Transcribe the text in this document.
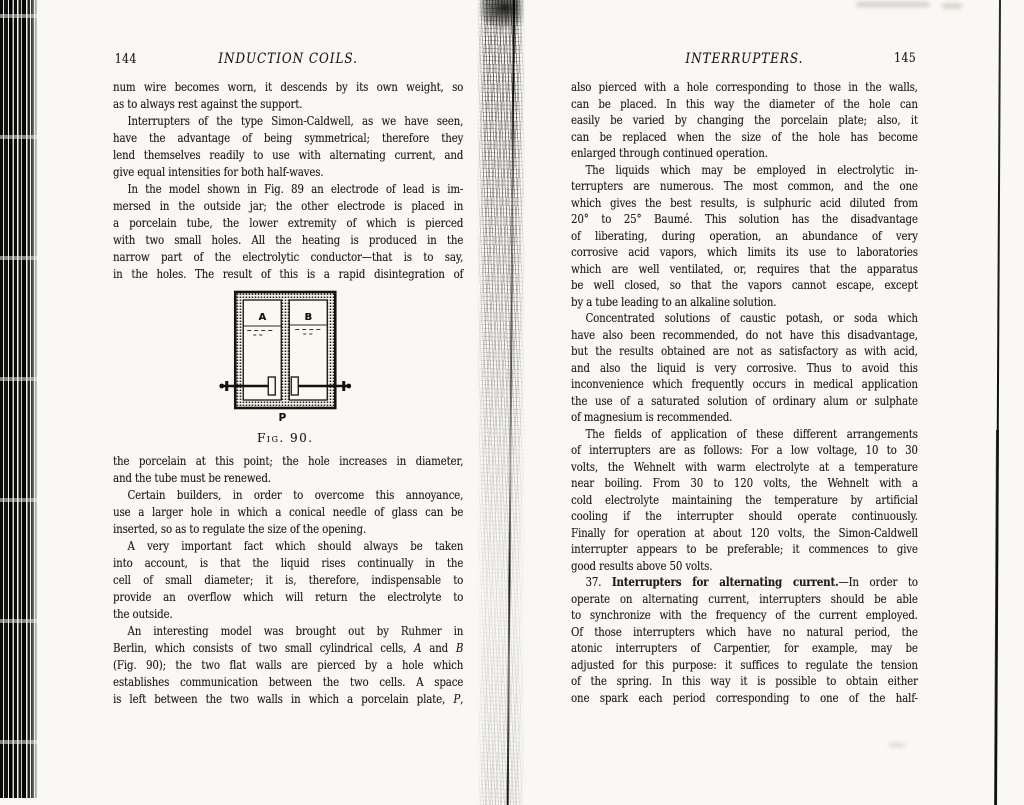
144	INDUCTION COILS.
num wire becomes worn, it descends by its own weight, so
as to always rest against the support.
Interrupters of the type Simon-Caldwell, as we have seen,
have the advantage of being symmetrical; therefore they
lend themselves readily to use with alternating current, and
give equal intensities for both half-waves.
In the model shown in Fig. 89 an electrode of lead is im-
mersed in the outside jar; the other electrode is placed in
a porcelain tube, the lower extremity of which is pierced
with two small holes. All the heating is produced in the
narrow part of the electrolytic conductor—that is to say,
in the holes. The result of this is a rapid disintegration of
A	B
P
Fig. 90.
the porcelain at this point; the hole increases in diameter,
and the tube must be renewed.
Certain builders, in order to overcome this annoyance,
use a larger hole in which a conical needle of glass can be
inserted, so as to regulate the size of the opening.
A very important fact which should always be taken
into account, is that the liquid rises continually in the
cell of small diameter; it is, therefore, indispensable to
provide an overflow which will return the electrolyte to
the outside.
An interesting model was brought out by Ruhmer in
Berlin, which consists of two small cylindrical cells, A and B
(Fig. 90); the two flat walls are pierced by a hole which
establishes communication between the two cells. A space
is left between the two walls in which a porcelain plate, P,
INTERRUPTERS.	145
also pierced with a hole corresponding to those in the walls,
can be placed. In this way the diameter of the hole can
easily be varied by changing the porcelain plate; also, it
can be replaced when the size of the hole has become
enlarged through continued operation.
The liquids which may be employed in electrolytic in-
terrupters are numerous. The most common, and the one
which gives the best results, is sulphuric acid diluted from
20° to 25° Baumé. This solution has the disadvantage
of liberating, during operation, an abundance of very
corrosive acid vapors, which limits its use to laboratories
which are well ventilated, or, requires that the apparatus
be well closed, so that the vapors cannot escape, except
by a tube leading to an alkaline solution.
Concentrated solutions of caustic potash, or soda which
have also been recommended, do not have this disadvantage,
but the results obtained are not as satisfactory as with acid,
and also the liquid is very corrosive. Thus to avoid this
inconvenience which frequently occurs in medical application
the use of a saturated solution of ordinary alum or sulphate
of magnesium is recommended.
The fields of application of these different arrangements
of interrupters are as follows: For a low voltage, 10 to 30
volts, the Wehnelt with warm electrolyte at a temperature
near boiling. From 30 to 120 volts, the Wehnelt with a
cold electrolyte maintaining the temperature by artificial
cooling if the interrupter should operate continuously.
Finally for operation at about 120 volts, the Simon-Caldwell
interrupter appears to be preferable; it commences to give
good results above 50 volts.
37. Interrupters for alternating current.—In order to
operate on alternating current, interrupters should be able
to synchronize with the frequency of the current employed.
Of those interrupters which have no natural period, the
atonic interrupters of Carpentier, for example, may be
adjusted for this purpose: it suffices to regulate the tension
of the spring. In this way it is possible to obtain either
one spark each period corresponding to one of the half-
